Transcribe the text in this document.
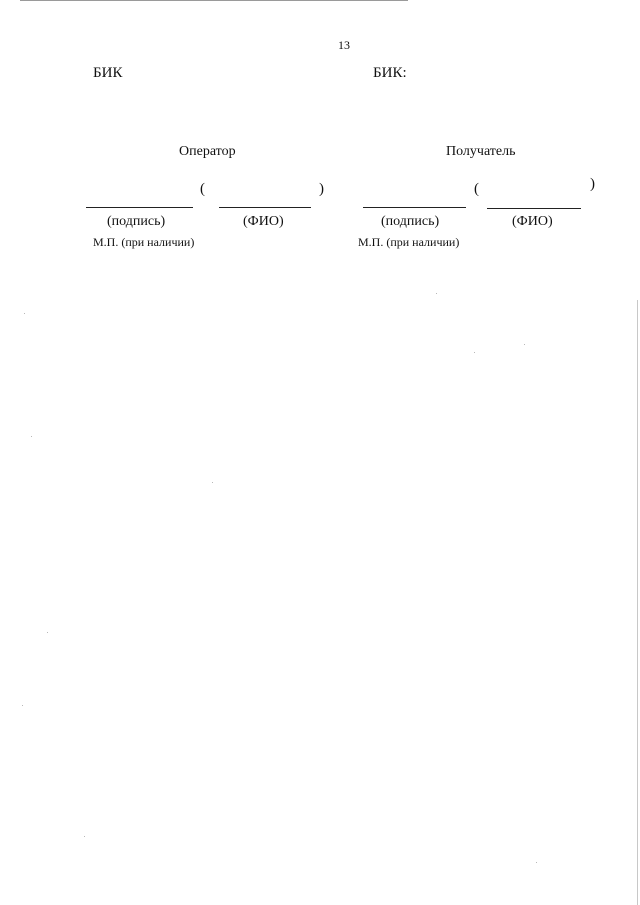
13
БИК
Оператор
(	)
(подпись)	(ФИО)
М.П. (при наличии)
БИК:
Получатель
(	)
(подпись)	(ФИО)
М.П. (при наличии)
